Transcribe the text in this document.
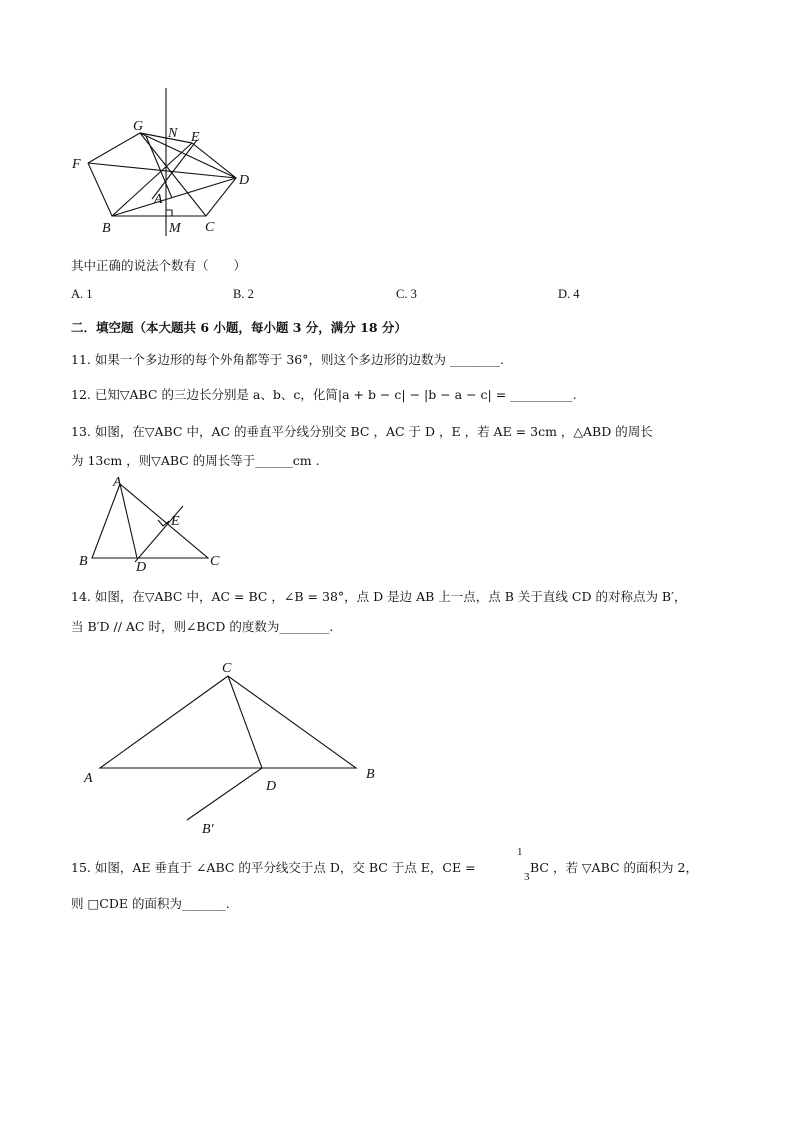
G N E
F
D
A
B	M C
其中正确的说法个数有（　　）
A. 1	B. 2	C. 3	D. 4
二．填空题（本大题共 6 小题，每小题 3 分，满分 18 分）
11. 如果一个多边形的每个外角都等于 36°，则这个多边形的边数为 ________.
12. 已知▽ABC 的三边长分别是 a、b、c，化简|a + b − c| − |b − a − c| = __________.
13. 如图，在▽ABC 中，AC 的垂直平分线分别交 BC ，AC 于 D ，E ，若 AE = 3cm ，△ABD 的周长
为 13cm ，则▽ABC 的周长等于______cm .
A
E
B	D	C
14. 如图，在▽ABC 中，AC = BC ，∠B = 38°，点 D 是边 AB 上一点，点 B 关于直线 CD 的对称点为 B′，
当 B′D // AC 时，则∠BCD 的度数为________.
C
A
D
B
B′
15. 如图，AE 垂直于 ∠ABC 的平分线交于点 D，交 BC 于点 E，CE =
1
3
BC ，若 ▽ABC 的面积为 2，
则 □CDE 的面积为_______.
